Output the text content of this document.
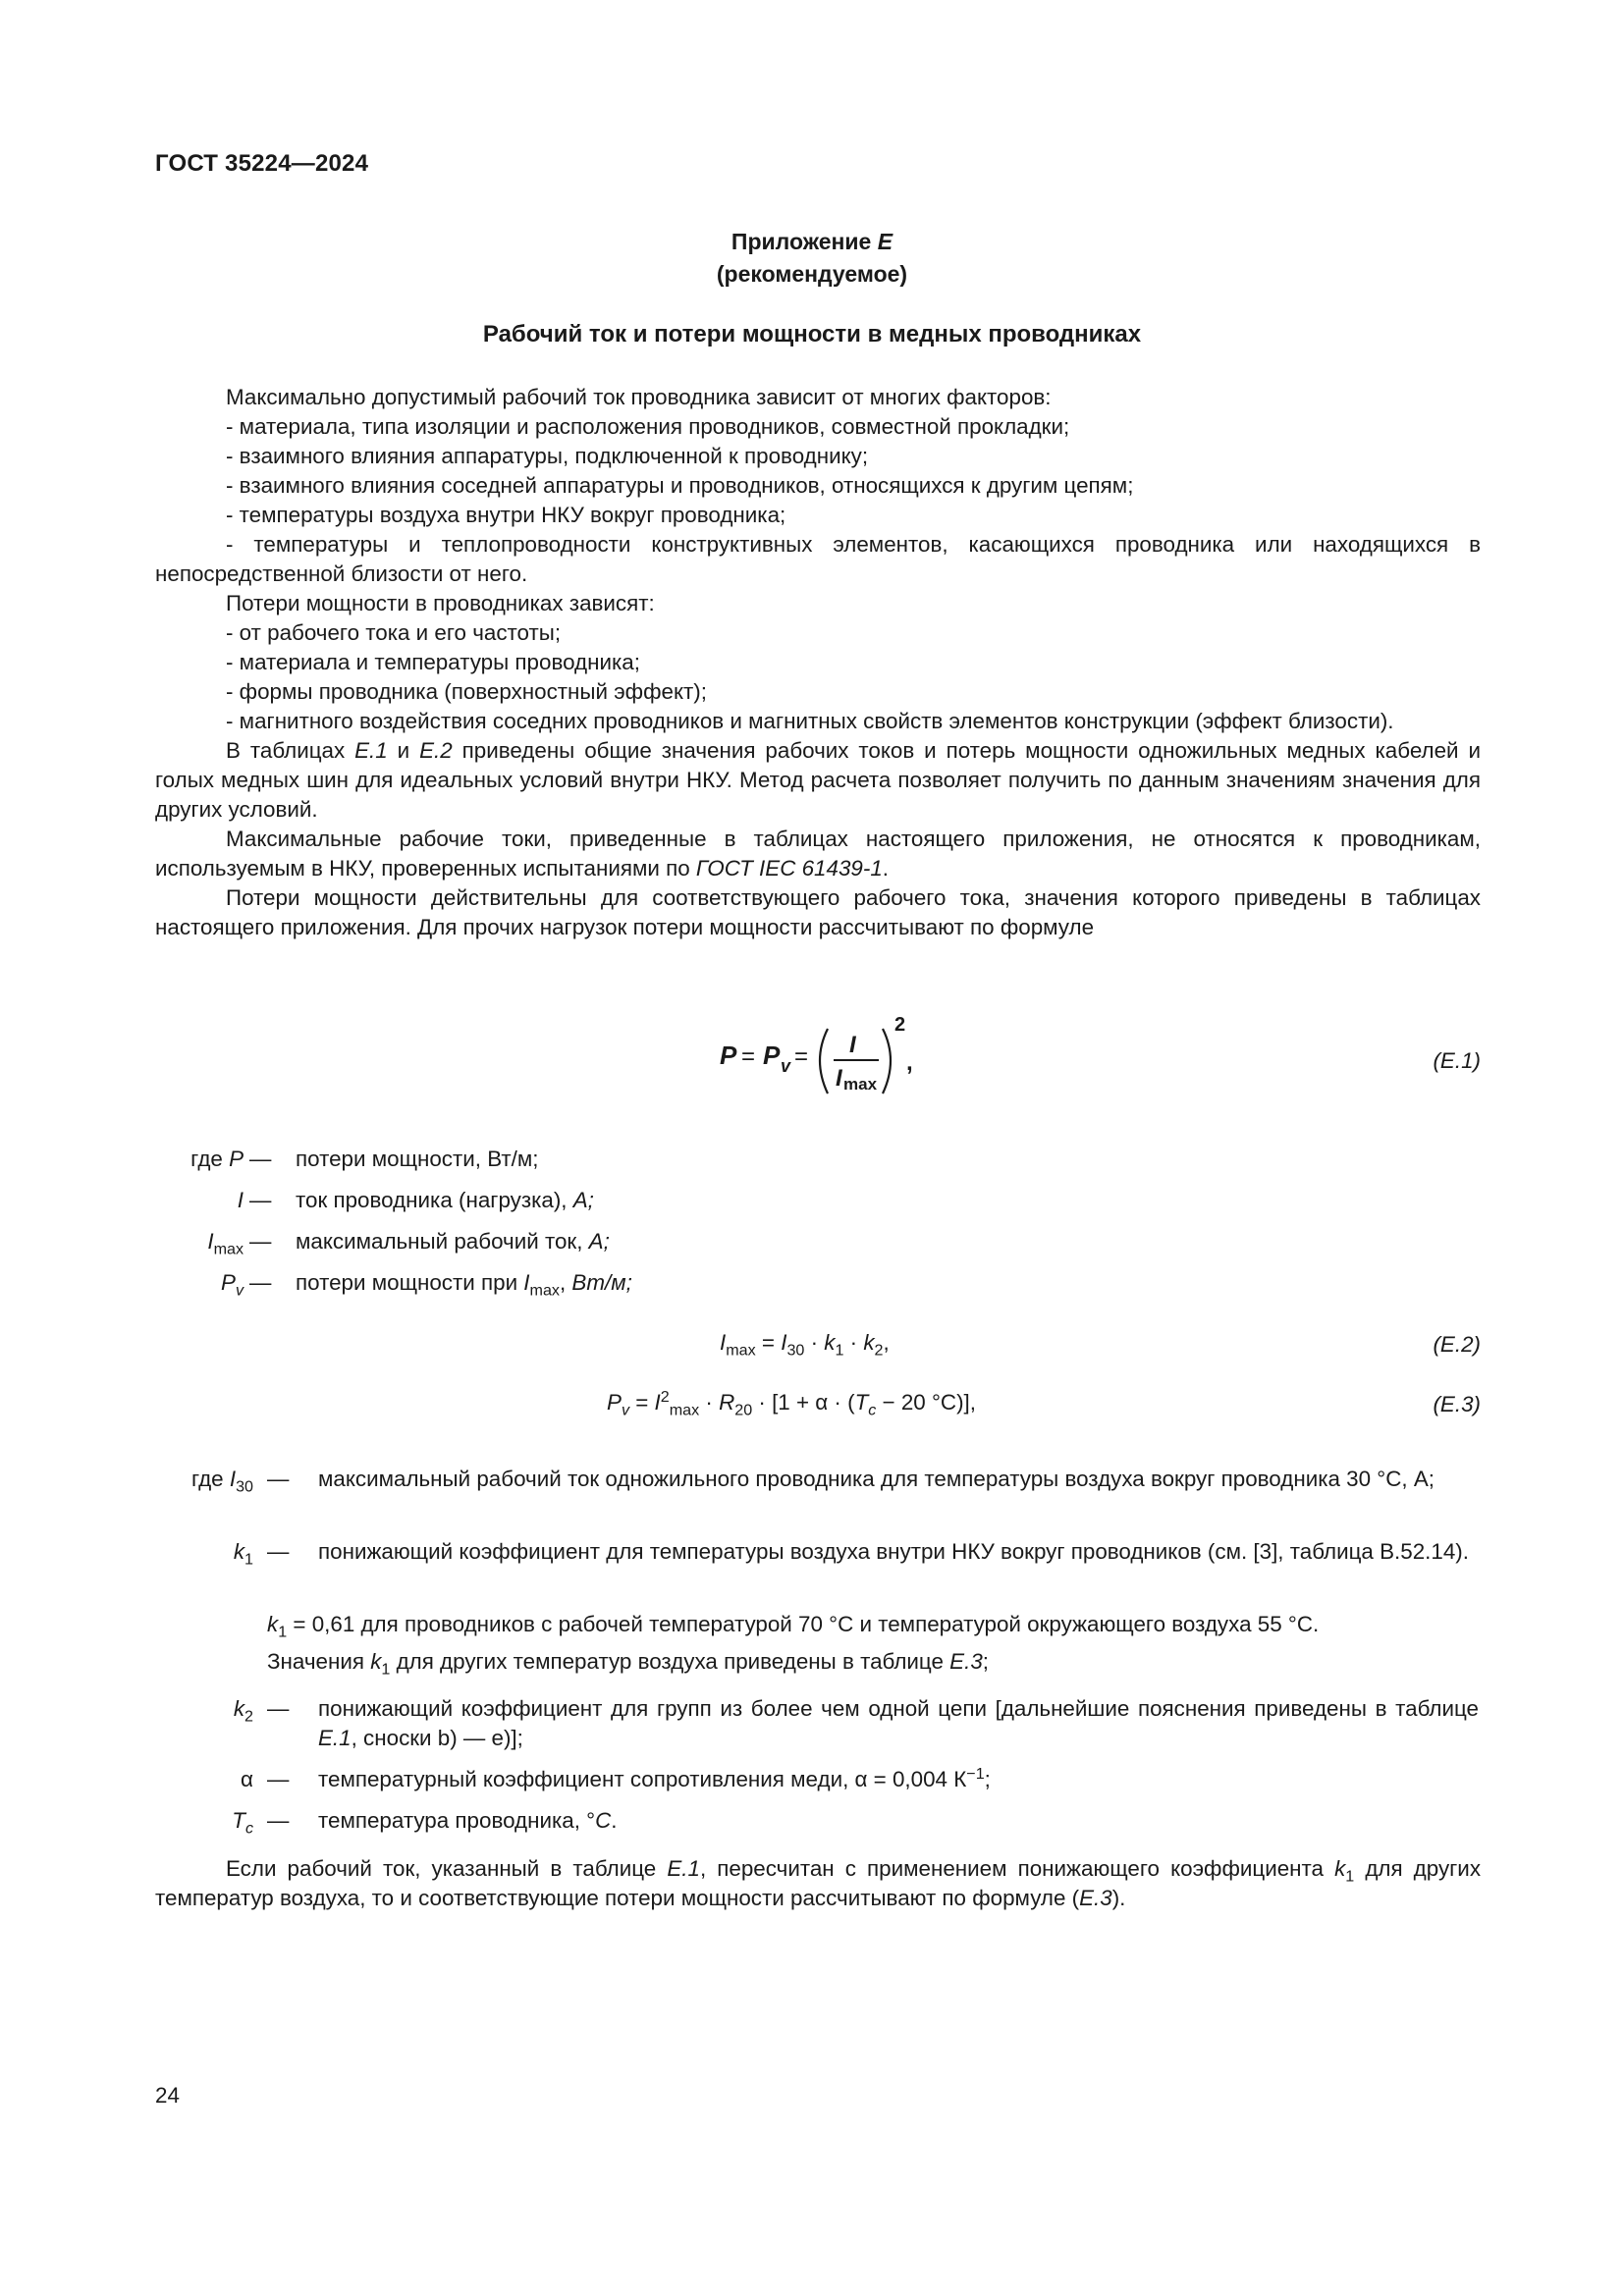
ГОСТ 35224—2024
Приложение Е
(рекомендуемое)
Рабочий ток и потери мощности в медных проводниках

Максимально допустимый рабочий ток проводника зависит от многих факторов:

- материала, типа изоляции и расположения проводников, совместной прокладки;

- взаимного влияния аппаратуры, подключенной к проводнику;

- взаимного влияния соседней аппаратуры и проводников, относящихся к другим цепям;

- температуры воздуха внутри НКУ вокруг проводника;

- температуры и теплопроводности конструктивных элементов, касающихся проводника или находящихся в непосредственной близости от него.

Потери мощности в проводниках зависят:

- от рабочего тока и его частоты;

- материала и температуры проводника;

- формы проводника (поверхностный эффект);

- магнитного воздействия соседних проводников и магнитных свойств элементов конструкции (эффект близости).

В таблицах Е.1 и Е.2 приведены общие значения рабочих токов и потерь мощности одножильных медных кабелей и голых медных шин для идеальных условий внутри НКУ. Метод расчета позволяет получить по данным значениям значения для других условий.

Максимальные рабочие токи, приведенные в таблицах настоящего приложения, не относятся к проводникам, используемым в НКУ, проверенных испытаниями по ГОСТ IEC 61439-1.

Потери мощности действительны для соответствующего рабочего тока, значения которого приведены в таблицах настоящего приложения. Для прочих нагрузок потери мощности рассчитывают по формуле

P = P v = I
I max
2
,	(Е.1)
где P — потери мощности, Вт/м;
I — ток проводника (нагрузка), А;
$I_{max}$ — максимальный рабочий ток, А;
$P_v$ — потери мощности при $I_{max}$, Вт/м;
$I_{max} = I_{30} \cdot k_1 \cdot k_2$,	(Е.2)
$P_v = I^2_{max} \cdot R_{20} \cdot [1 + \alpha \cdot (T_c - 20$ °C)],	(Е.3)
где $I_{30}$ — максимальный рабочий ток одножильного проводника для температуры воздуха вокруг проводника 30 °С, А;
$k_1$ — понижающий коэффициент для температуры воздуха внутри НКУ вокруг проводников (см. [3], таблица В.52.14).
$k_1 = 0,61$ для проводников с рабочей температурой 70 °С и температурой окружающего воздуха 55 °С.
Значения $k_1$ для других температур воздуха приведены в таблице Е.3;
$k_2$ — понижающий коэффициент для групп из более чем одной цепи [дальнейшие пояснения приведены в таблице Е.1, сноски b) — е)];
α — температурный коэффициент сопротивления меди, α = 0,004 $К^{-1}$;
$T_c$ — температура проводника, °С.

Если рабочий ток, указанный в таблице Е.1, пересчитан с применением понижающего коэффициента $k_1$ для других температур воздуха, то и соответствующие потери мощности рассчитывают по формуле (Е.3).

24
